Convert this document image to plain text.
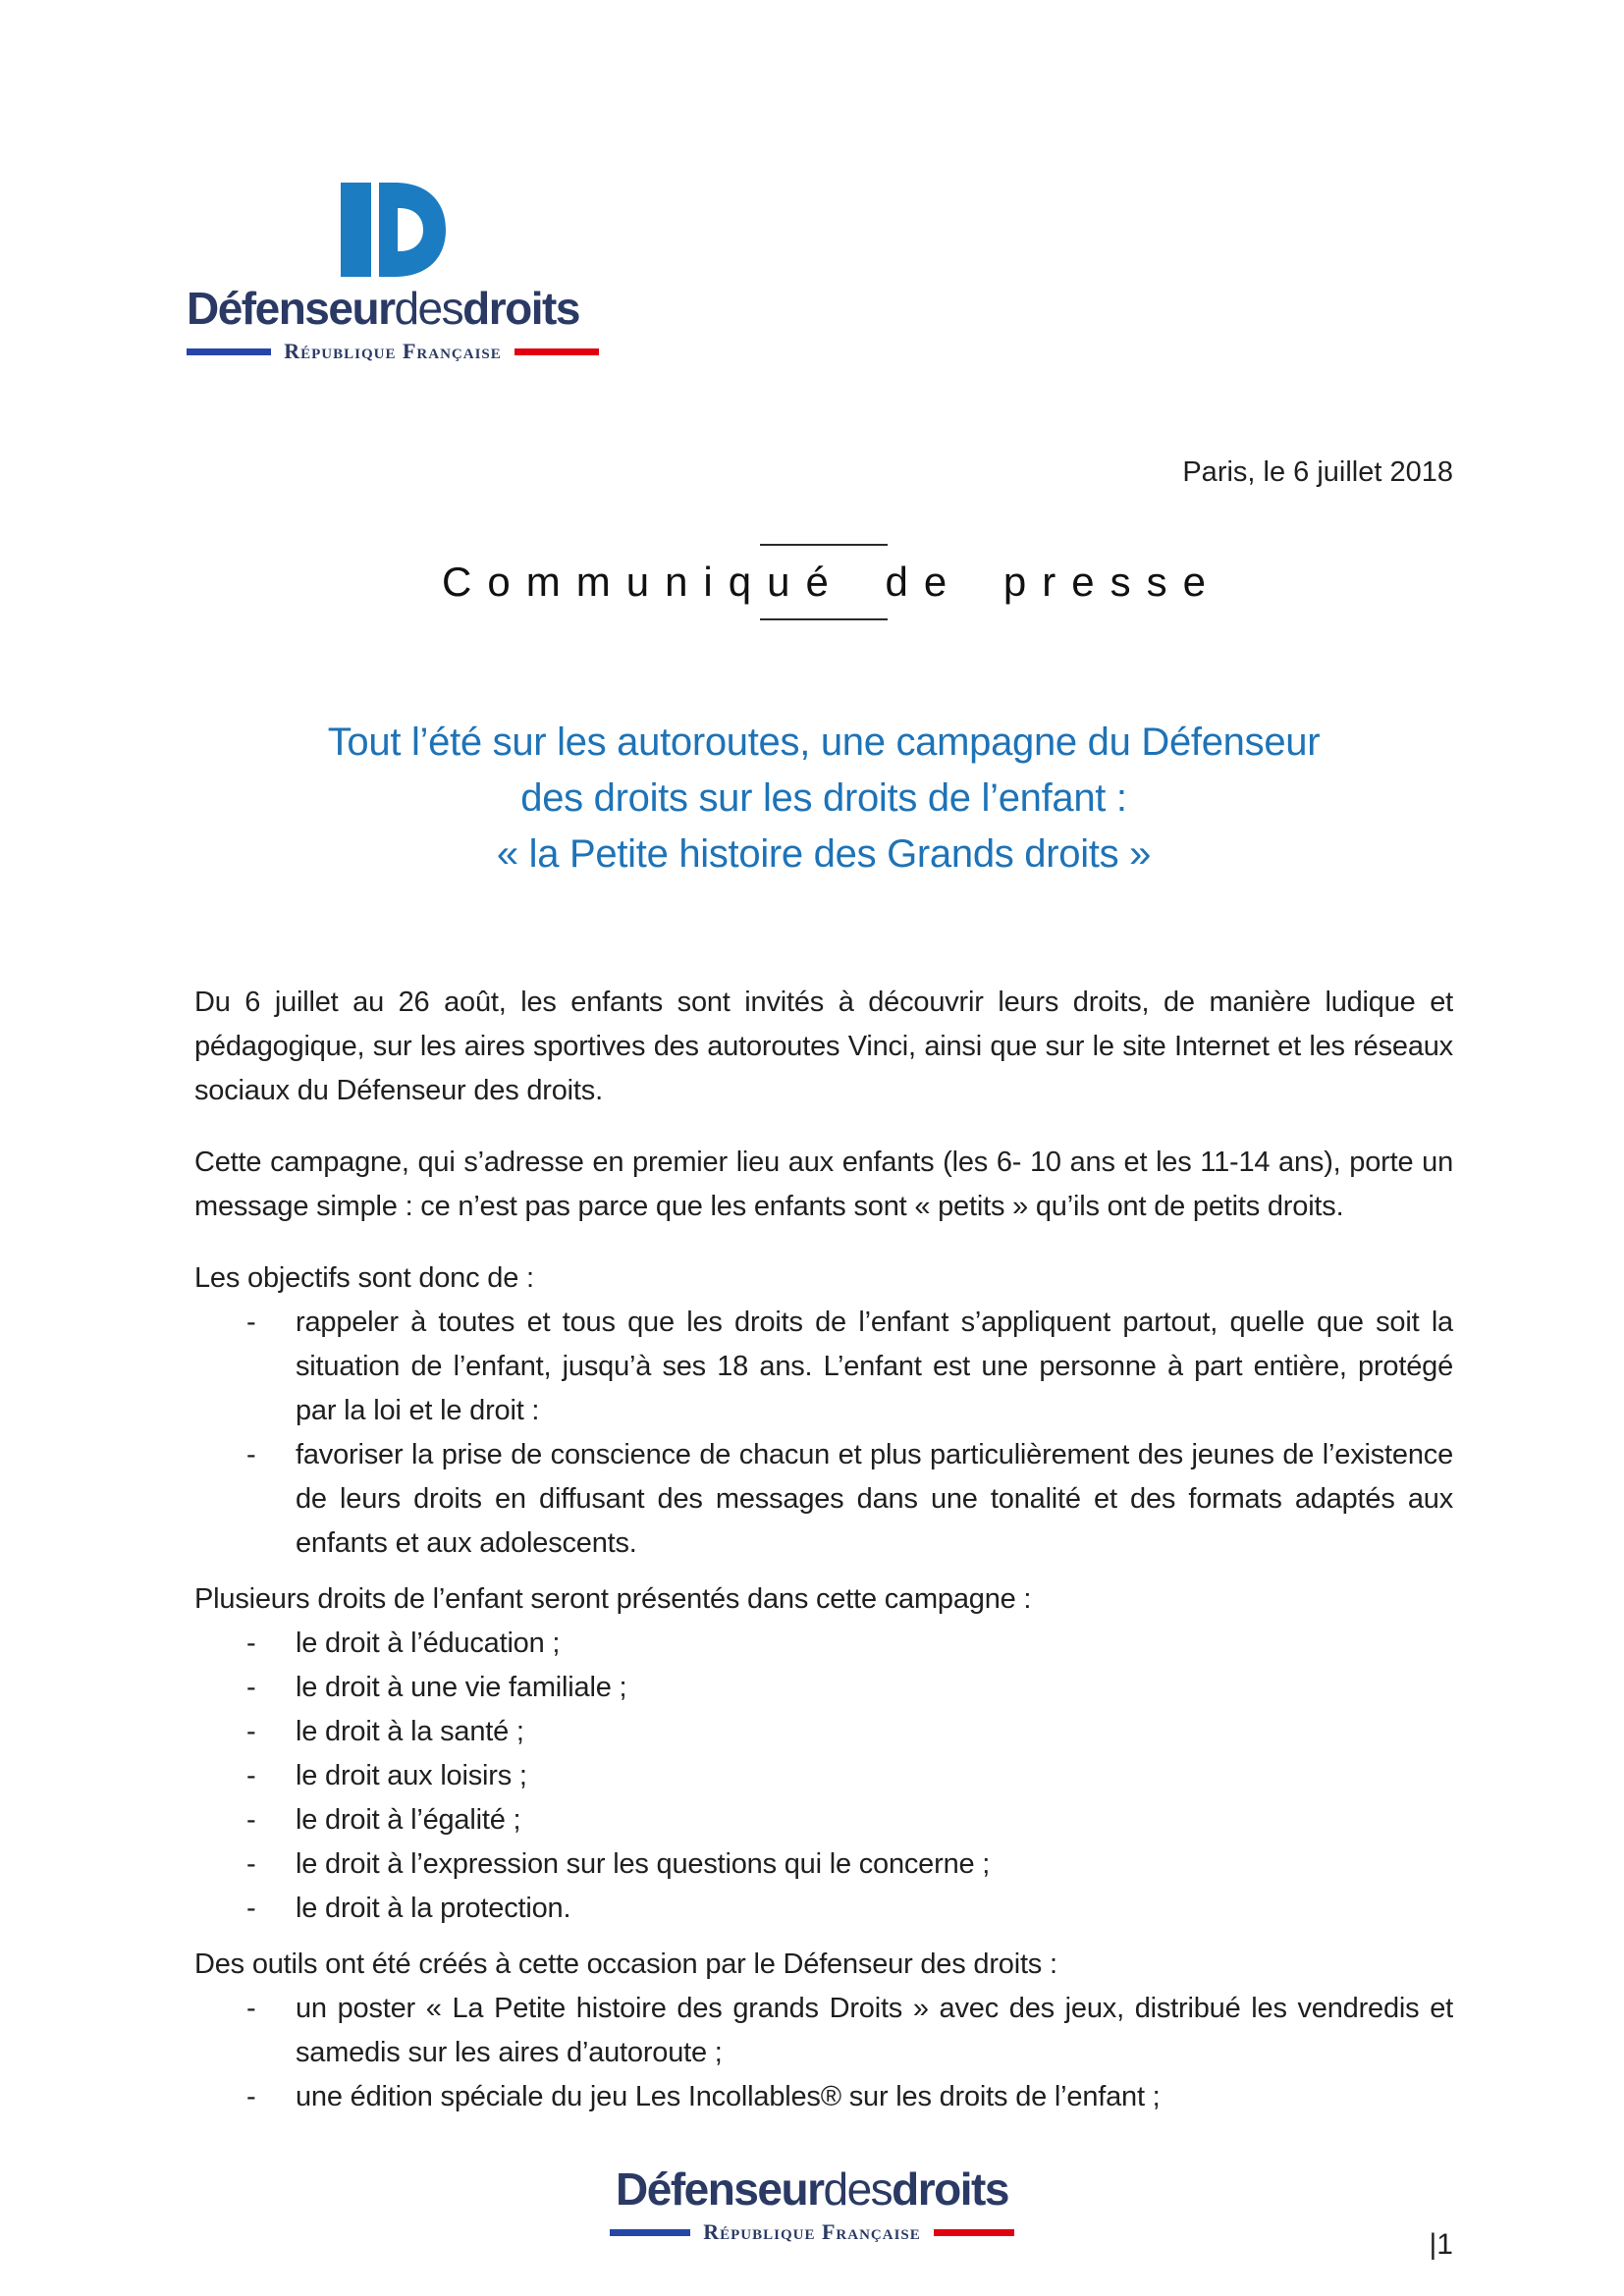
Défenseurdesdroits
République Française
Paris, le 6 juillet 2018
Communiqué de presse
Tout l’été sur les autoroutes, une campagne du Défenseur
des droits sur les droits de l’enfant :
« la Petite histoire des Grands droits »

Du 6 juillet au 26 août, les enfants sont invités à découvrir leurs droits, de manière ludique et pédagogique, sur les aires sportives des autoroutes Vinci, ainsi que sur le site Internet et les réseaux sociaux du Défenseur des droits.

Cette campagne, qui s’adresse en premier lieu aux enfants (les 6- 10 ans et les 11-14 ans), porte un message simple : ce n’est pas parce que les enfants sont « petits » qu’ils ont de petits droits.

Les objectifs sont donc de :

- rappeler à toutes et tous que les droits de l’enfant s’appliquent partout, quelle que soit la situation de l’enfant, jusqu’à ses 18 ans. L’enfant est une personne à part entière, protégé par la loi et le droit :
- favoriser la prise de conscience de chacun et plus particulièrement des jeunes de l’existence de leurs droits en diffusant des messages dans une tonalité et des formats adaptés aux enfants et aux adolescents.

Plusieurs droits de l’enfant seront présentés dans cette campagne :

- le droit à l’éducation ;
- le droit à une vie familiale ;
- le droit à la santé ;
- le droit aux loisirs ;
- le droit à l’égalité ;
- le droit à l’expression sur les questions qui le concerne ;
- le droit à la protection.

Des outils ont été créés à cette occasion par le Défenseur des droits :

- un poster « La Petite histoire des grands Droits » avec des jeux, distribué les vendredis et samedis sur les aires d’autoroute ;
- une édition spéciale du jeu Les Incollables® sur les droits de l’enfant ;
Défenseurdesdroits
République Française	|1
